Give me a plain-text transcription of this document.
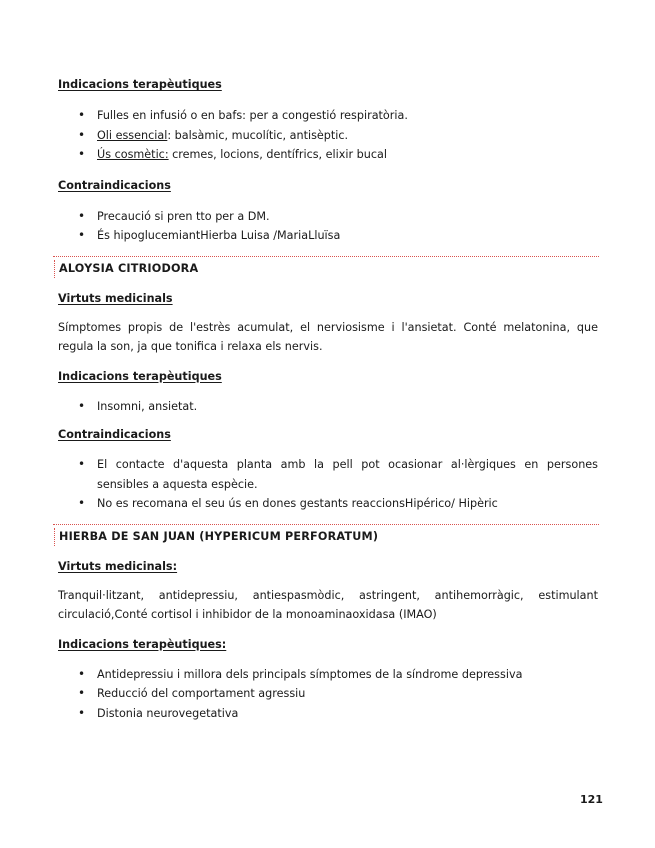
Indicacions terapèutiques
• Fulles en infusió o en bafs: per a congestió respiratòria.
• Oli essencial: balsàmic, mucolític, antisèptic.
• Ús cosmètic: cremes, locions, dentífrics, elixir bucal
Contraindicacions
• Precaució si pren tto per a DM.
• És hipoglucemiantHierba Luisa /MariaLluïsa
ALOYSIA CITRIODORA
Virtuts medicinals

Símptomes propis de l'estrès acumulat, el nerviosisme i l'ansietat. Conté melatonina, que regula la son, ja que tonifica i relaxa els nervis.

Indicacions terapèutiques
• Insomni, ansietat.
Contraindicacions
• El contacte d'aquesta planta amb la pell pot ocasionar al·lèrgiques en persones sensibles a aquesta espècie.
• No es recomana el seu ús en dones gestants reaccionsHipérico/ Hipèric
HIERBA DE SAN JUAN (HYPERICUM PERFORATUM)
Virtuts medicinals:

Tranquil·litzant, antidepressiu, antiespasmòdic, astringent, antihemorràgic, estimulant circulació,Conté cortisol i inhibidor de la monoaminaoxidasa (IMAO)

Indicacions terapèutiques:
• Antidepressiu i millora dels principals símptomes de la síndrome depressiva
• Reducció del comportament agressiu
• Distonia neurovegetativa
121
